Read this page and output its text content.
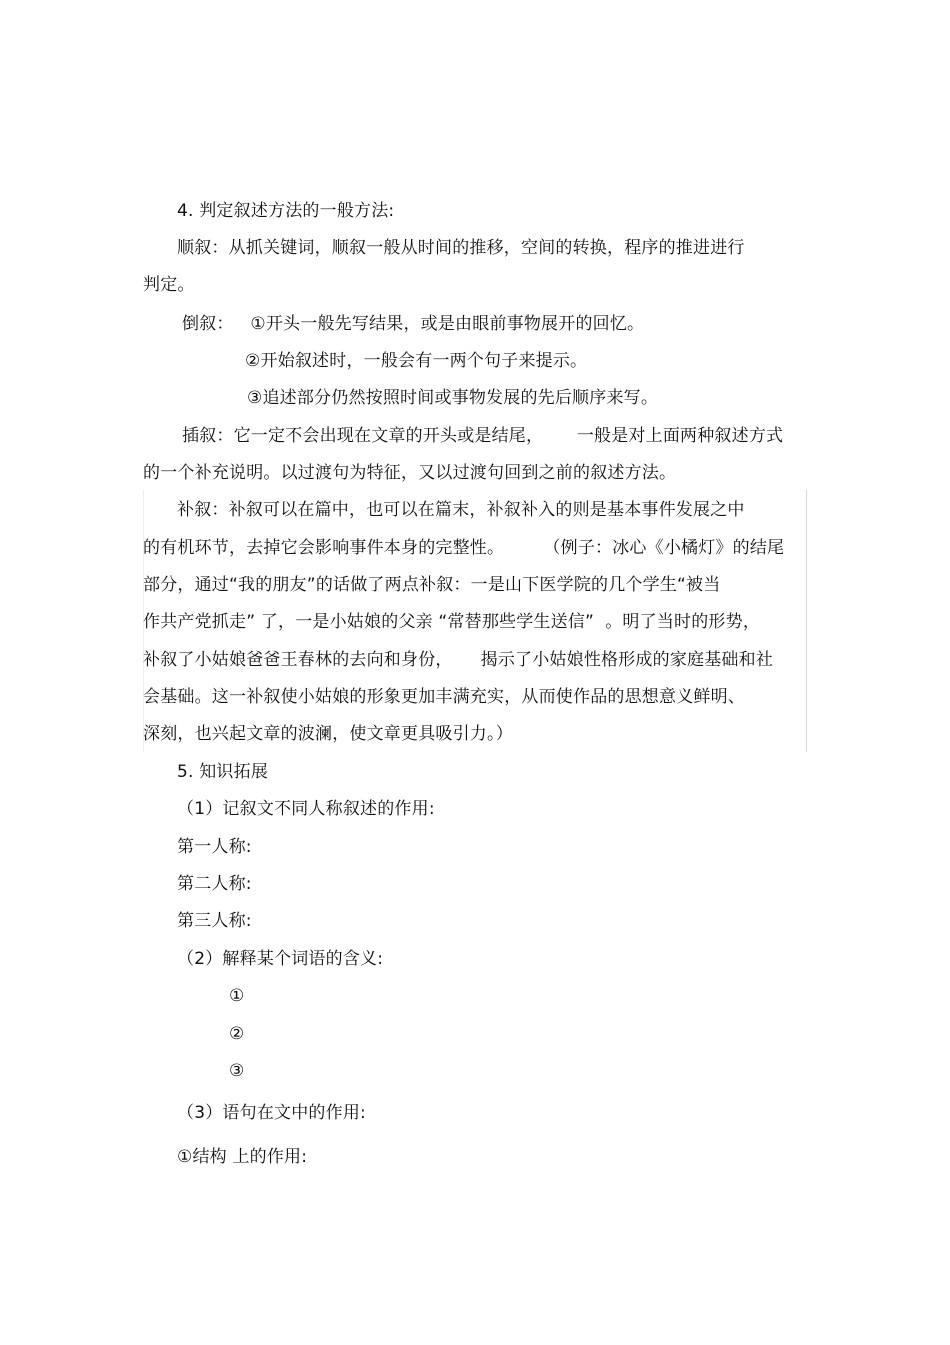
4. 判定叙述方法的一般方法:
顺叙：从抓关键词，顺叙一般从时间的推移，空间的转换，程序的推进进行
判定。
倒叙：   ①开头一般先写结果，或是由眼前事物展开的回忆。
②开始叙述时，一般会有一两个句子来提示。
③追述部分仍然按照时间或事物发展的先后顺序来写。
插叙：它一定不会出现在文章的开头或是结尾，      一般是对上面两种叙述方式
的一个补充说明。以过渡句为特征，又以过渡句回到之前的叙述方法。
补叙：补叙可以在篇中，也可以在篇末，补叙补入的则是基本事件发展之中
的有机环节，去掉它会影响事件本身的完整性。       （例子：冰心《小橘灯》的结尾
部分，通过“我的朋友”的话做了两点补叙：一是山下医学院的几个学生“被当
作共产党抓走” 了，一是小姑娘的父亲 “常替那些学生送信”  。明了当时的形势，
补叙了小姑娘爸爸王春林的去向和身份，     揭示了小姑娘性格形成的家庭基础和社
会基础。这一补叙使小姑娘的形象更加丰满充实，从而使作品的思想意义鲜明、
深刻，也兴起文章的波澜，使文章更具吸引力。）
5. 知识拓展
（1）记叙文不同人称叙述的作用:
第一人称:
第二人称:
第三人称:
（2）解释某个词语的含义:
①
②
③
（3）语句在文中的作用:
①结构 上的作用:
